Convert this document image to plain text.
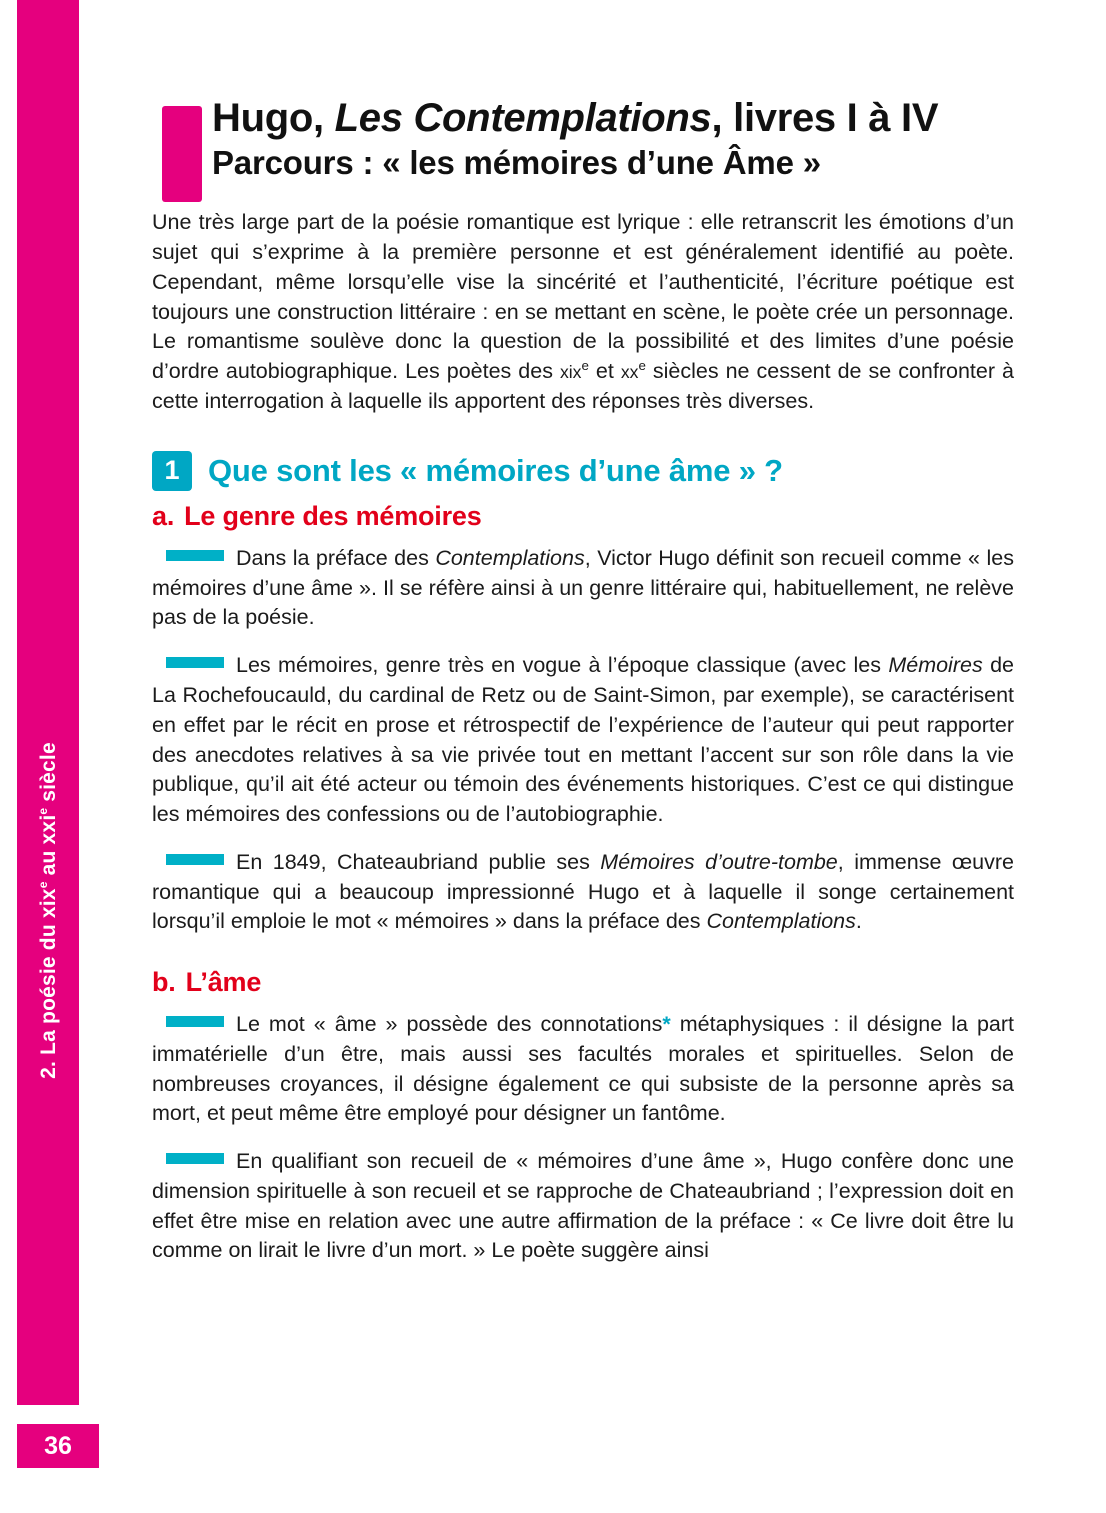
2. La poésie du xix$^e$ au xxi$^e$ siècle
36
Hugo, Les Contemplations, livres I à IV
Parcours : « les mémoires d’une Âme »

Une très large part de la poésie romantique est lyrique : elle retranscrit les émotions d’un sujet qui s’exprime à la première personne et est généralement identifié au poète. Cependant, même lorsqu’elle vise la sincérité et l’authenticité, l’écriture poétique est toujours une construction littéraire : en se mettant en scène, le poète crée un personnage. Le romantisme soulève donc la question de la possibilité et des limites d’une poésie d’ordre autobiographique. Les poètes des xix$^e$ et $xx^e$ siècles ne cessent de se confronter à cette interrogation à laquelle ils apportent des réponses très diverses.

1 Que sont les « mémoires d’une âme » ?
a. Le genre des mémoires

Dans la préface des Contemplations, Victor Hugo définit son recueil comme « les mémoires d’une âme ». Il se réfère ainsi à un genre littéraire qui, habituellement, ne relève pas de la poésie.

Les mémoires, genre très en vogue à l’époque classique (avec les Mémoires de La Rochefoucauld, du cardinal de Retz ou de Saint-Simon, par exemple), se caractérisent en effet par le récit en prose et rétrospectif de l’expérience de l’auteur qui peut rapporter des anecdotes relatives à sa vie privée tout en mettant l’accent sur son rôle dans la vie publique, qu’il ait été acteur ou témoin des événements historiques. C’est ce qui distingue les mémoires des confessions ou de l’autobiographie.

En 1849, Chateaubriand publie ses Mémoires d’outre-tombe, immense œuvre romantique qui a beaucoup impressionné Hugo et à laquelle il songe certainement lorsqu’il emploie le mot « mémoires » dans la préface des Contemplations.

b. L’âme

Le mot « âme » possède des connotations* métaphysiques : il désigne la part immatérielle d’un être, mais aussi ses facultés morales et spirituelles. Selon de nombreuses croyances, il désigne également ce qui subsiste de la personne après sa mort, et peut même être employé pour désigner un fantôme.

En qualifiant son recueil de « mémoires d’une âme », Hugo confère donc une dimension spirituelle à son recueil et se rapproche de Chateaubriand ; l’expression doit en effet être mise en relation avec une autre affirmation de la préface : « Ce livre doit être lu comme on lirait le livre d’un mort. » Le poète suggère ainsi
